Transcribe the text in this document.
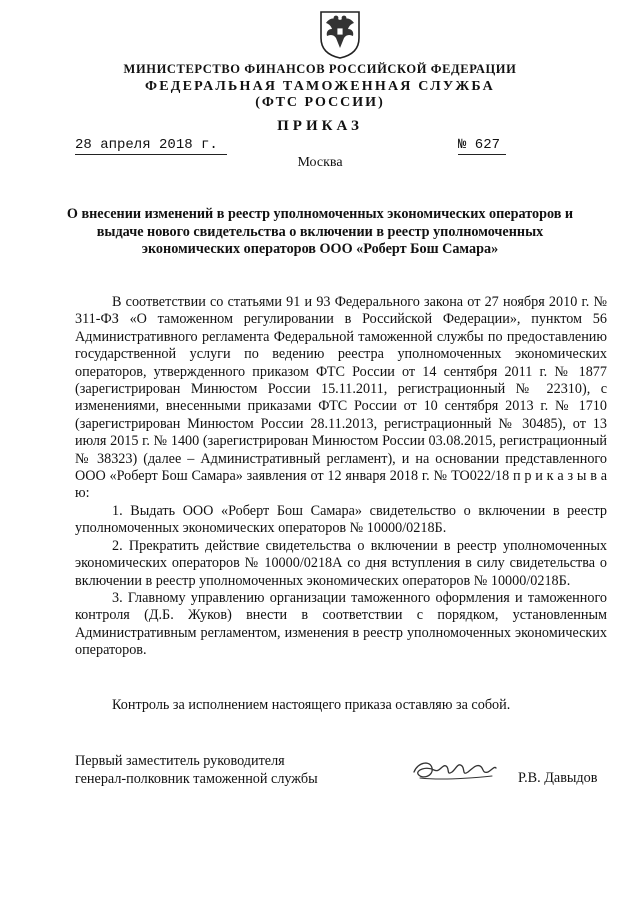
МИНИСТЕРСТВО ФИНАНСОВ РОССИЙСКОЙ ФЕДЕРАЦИИ
ФЕДЕРАЛЬНАЯ ТАМОЖЕННАЯ СЛУЖБА
(ФТС РОССИИ)
ПРИКАЗ
28 апреля 2018 г.	№ 627
Москва
О внесении изменений в реестр уполномоченных экономических операторов и выдаче нового свидетельства о включении в реестр уполномоченных экономических операторов ООО «Роберт Бош Самара»

В соответствии со статьями 91 и 93 Федерального закона от 27 ноября 2010 г. № 311-ФЗ «О таможенном регулировании в Российской Федерации», пунктом 56 Административного регламента Федеральной таможенной службы по предоставлению государственной услуги по ведению реестра уполномоченных экономических операторов, утвержденного приказом ФТС России от 14 сентября 2011 г. № 1877 (зарегистрирован Минюстом России 15.11.2011, регистрационный № 22310), с изменениями, внесенными приказами ФТС России от 10 сентября 2013 г. № 1710 (зарегистрирован Минюстом России 28.11.2013, регистрационный № 30485), от 13 июля 2015 г. № 1400 (зарегистрирован Минюстом России 03.08.2015, регистрационный № 38323) (далее – Административный регламент), и на основании представленного ООО «Роберт Бош Самара» заявления от 12 января 2018 г. № ТО022/18 п р и к а з ы в а ю:

1. Выдать ООО «Роберт Бош Самара» свидетельство о включении в реестр уполномоченных экономических операторов № 10000/0218Б.

2. Прекратить действие свидетельства о включении в реестр уполномоченных экономических операторов № 10000/0218А со дня вступления в силу свидетельства о включении в реестр уполномоченных экономических операторов № 10000/0218Б.

3. Главному управлению организации таможенного оформления и таможенного контроля (Д.Б. Жуков) внести в соответствии с порядком, установленным Административным регламентом, изменения в реестр уполномоченных экономических операторов.

Контроль за исполнением настоящего приказа оставляю за собой.
Первый заместитель руководителя
генерал-полковник таможенной службы	Р.В. Давыдов
